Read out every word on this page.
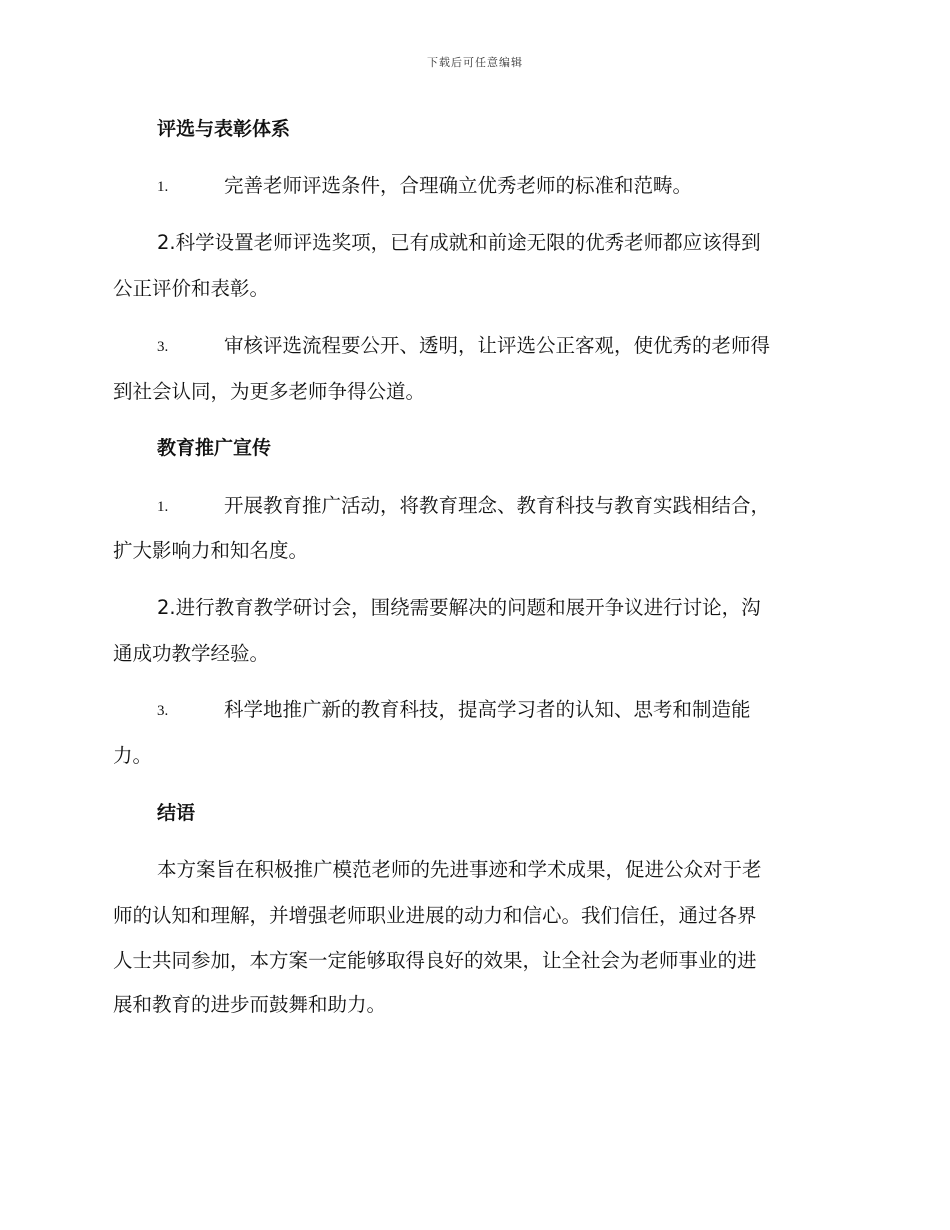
下载后可任意编辑
评选与表彰体系
1.	完善老师评选条件，合理确立优秀老师的标准和范畴。
2.科学设置老师评选奖项，已有成就和前途无限的优秀老师都应该得到
公正评价和表彰。
3.	审核评选流程要公开、透明，让评选公正客观，使优秀的老师得
到社会认同，为更多老师争得公道。
教育推广宣传
1.	开展教育推广活动，将教育理念、教育科技与教育实践相结合，
扩大影响力和知名度。
2.进行教育教学研讨会，围绕需要解决的问题和展开争议进行讨论，沟
通成功教学经验。
3.	科学地推广新的教育科技，提高学习者的认知、思考和制造能
力。
结语
本方案旨在积极推广模范老师的先进事迹和学术成果，促进公众对于老
师的认知和理解，并增强老师职业进展的动力和信心。我们信任，通过各界
人士共同参加，本方案一定能够取得良好的效果，让全社会为老师事业的进
展和教育的进步而鼓舞和助力。
